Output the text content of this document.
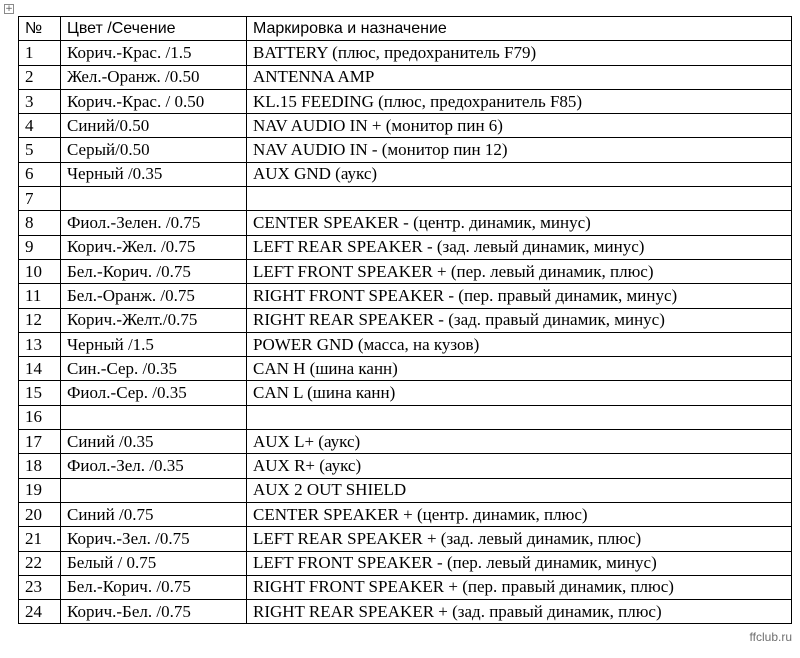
+
№	Цвет /Сечение	Маркировка и назначение
1	Корич.-Крас. /1.5	BATTERY (плюс, предохранитель F79)
2	Жел.-Оранж. /0.50	ANTENNA AMP
3	Корич.-Крас. / 0.50	KL.15 FEEDING (плюс, предохранитель F85)
4	Синий/0.50	NAV AUDIO IN + (монитор пин 6)
5	Серый/0.50	NAV AUDIO IN - (монитор пин 12)
6	Черный /0.35	AUX GND (аукс)
7		
8	Фиол.-Зелен. /0.75	CENTER SPEAKER - (центр. динамик, минус)
9	Корич.-Жел. /0.75	LEFT REAR SPEAKER - (зад. левый динамик, минус)
10	Бел.-Корич. /0.75	LEFT FRONT SPEAKER + (пер. левый динамик, плюс)
11	Бел.-Оранж. /0.75	RIGHT FRONT SPEAKER - (пер. правый динамик, минус)
12	Корич.-Желт./0.75	RIGHT REAR SPEAKER - (зад. правый динамик, минус)
13	Черный /1.5	POWER GND (масса, на кузов)
14	Син.-Сер. /0.35	CAN H (шина канн)
15	Фиол.-Сер. /0.35	CAN L (шина канн)
16		
17	Синий /0.35	AUX L+ (аукс)
18	Фиол.-Зел. /0.35	AUX R+ (аукс)
19		AUX 2 OUT SHIELD
20	Синий /0.75	CENTER SPEAKER + (центр. динамик, плюс)
21	Корич.-Зел. /0.75	LEFT REAR SPEAKER + (зад. левый динамик, плюс)
22	Белый / 0.75	LEFT FRONT SPEAKER - (пер. левый динамик, минус)
23	Бел.-Корич. /0.75	RIGHT FRONT SPEAKER + (пер. правый динамик, плюс)
24	Корич.-Бел. /0.75	RIGHT REAR SPEAKER + (зад. правый динамик, плюс)
ffclub.ru
